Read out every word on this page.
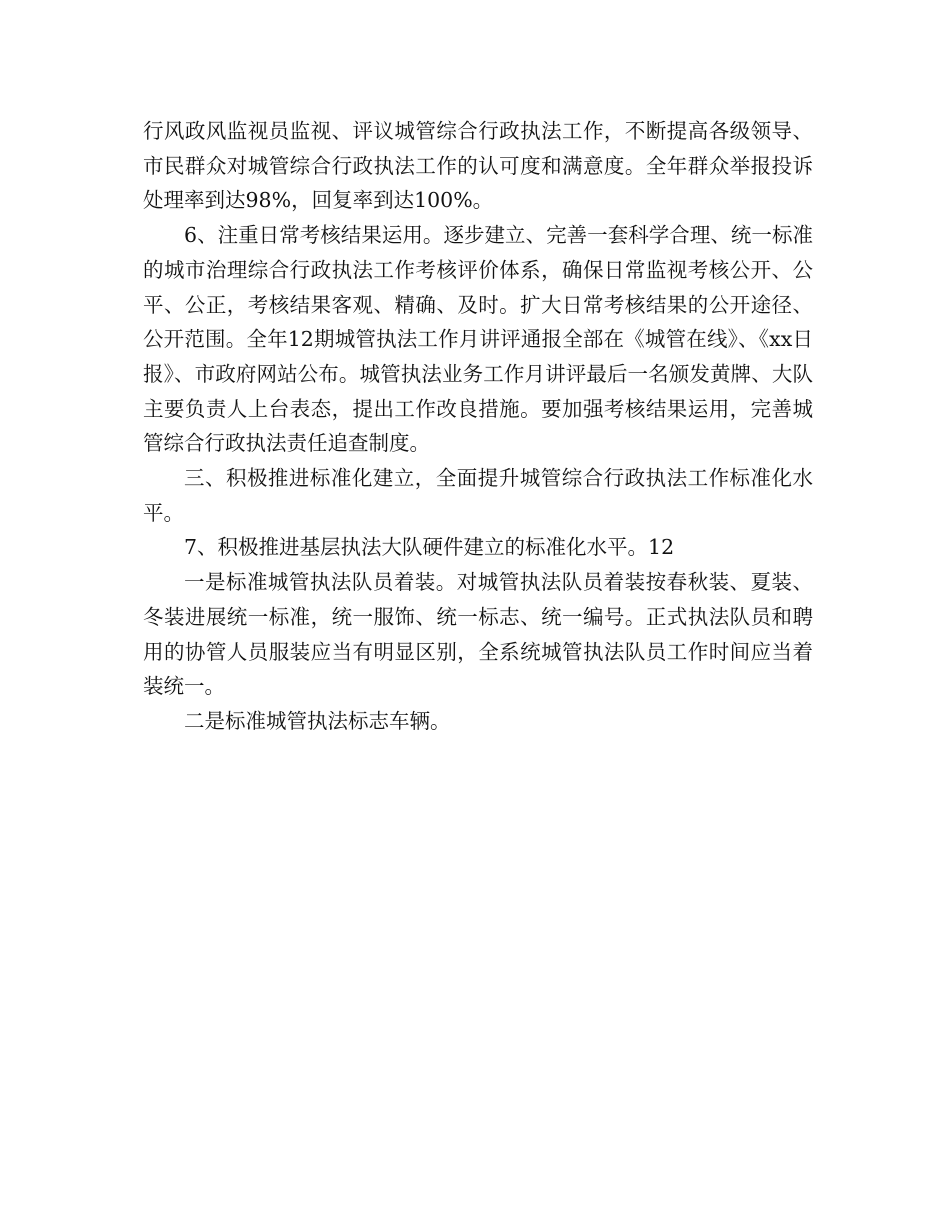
行风政风监视员监视、评议城管综合行政执法工作，不断提高各级领导、市民群众对城管综合行政执法工作的认可度和满意度。全年群众举报投诉处理率到达98%，回复率到达100%。

6、注重日常考核结果运用。逐步建立、完善一套科学合理、统一标准的城市治理综合行政执法工作考核评价体系，确保日常监视考核公开、公平、公正，考核结果客观、精确、及时。扩大日常考核结果的公开途径、公开范围。全年12期城管执法工作月讲评通报全部在《城管在线》、《xx日报》、市政府网站公布。城管执法业务工作月讲评最后一名颁发黄牌、大队主要负责人上台表态，提出工作改良措施。要加强考核结果运用，完善城管综合行政执法责任追查制度。

三、积极推进标准化建立，全面提升城管综合行政执法工作标准化水平。

7、积极推进基层执法大队硬件建立的标准化水平。12

一是标准城管执法队员着装。对城管执法队员着装按春秋装、夏装、冬装进展统一标准，统一服饰、统一标志、统一编号。正式执法队员和聘用的协管人员服装应当有明显区别，全系统城管执法队员工作时间应当着装统一。

二是标准城管执法标志车辆。
